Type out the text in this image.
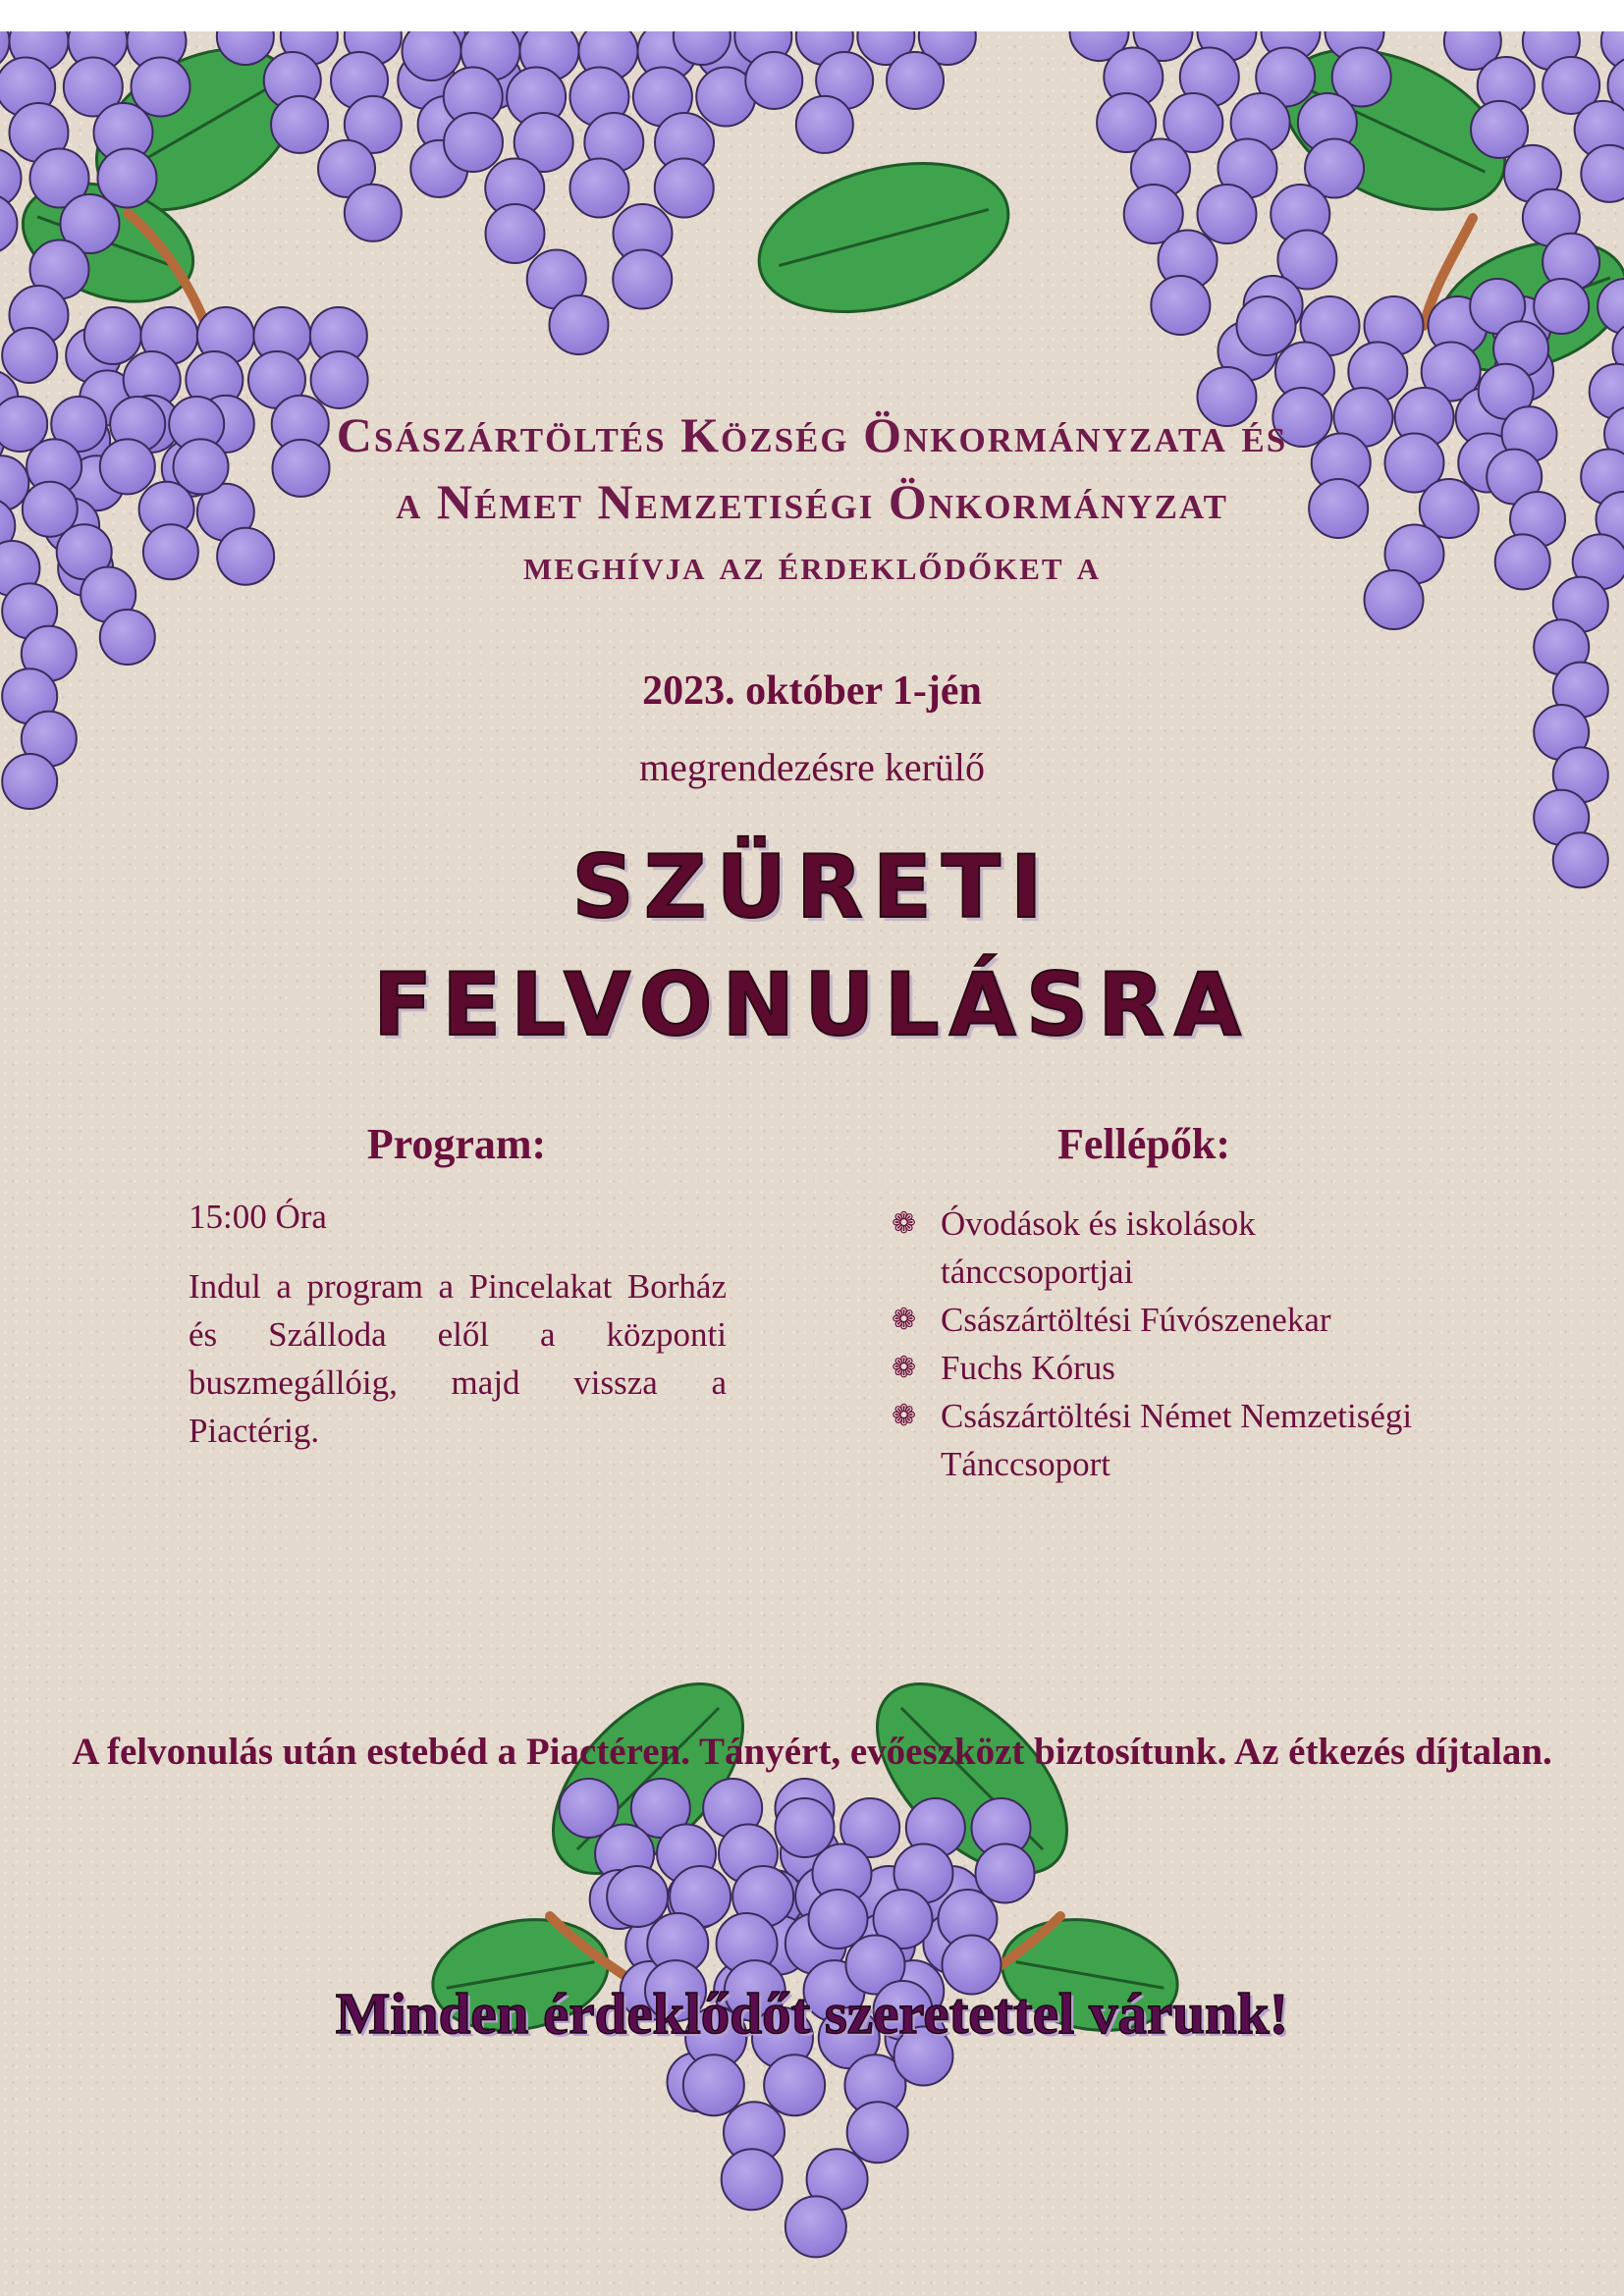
Császártöltés Község Önkormányzata és
a Német Nemzetiségi Önkormányzat
meghívja az érdeklődőket a
2023. október 1-jén
megrendezésre kerülő
SZÜRETI
FELVONULÁSRA
Program:
15:00 Óra
Indul a program a Pincelakat Borház és Szálloda elől a központi buszmegállóig, majd vissza a Piactérig.
Fellépők:
❁ Óvodások és iskolások tánccsoportjai
❁ Császártöltési Fúvószenekar
❁ Fuchs Kórus
❁ Császártöltési Német Nemzetiségi Tánccsoport
A felvonulás után estebéd a Piactéren. Tányért, evőeszközt biztosítunk. Az étkezés díjtalan.
Minden érdeklődőt szeretettel várunk!
